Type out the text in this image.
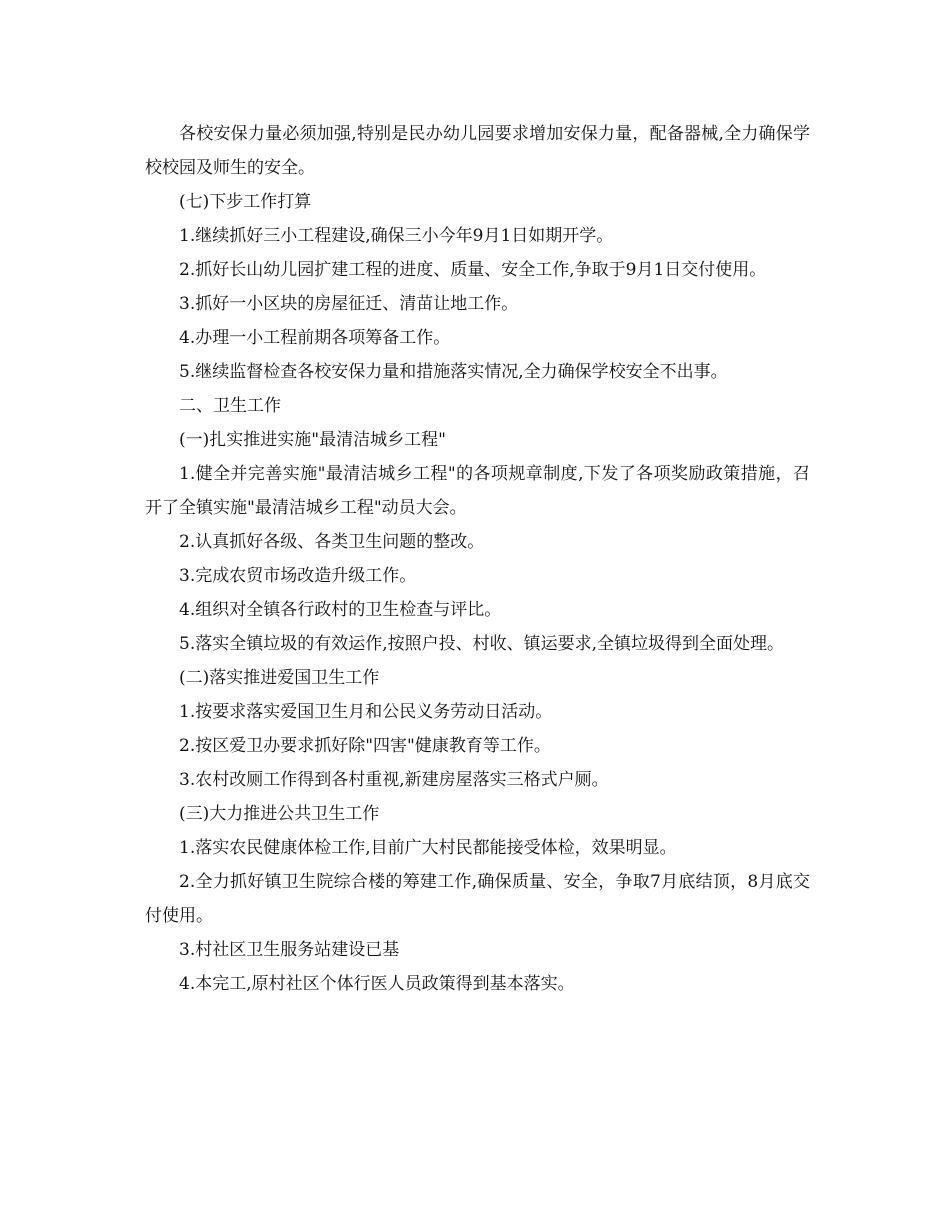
各校安保力量必须加强,特别是民办幼儿园要求增加安保力量，配备器械,全力确保学校校园及师生的安全。

(七)下步工作打算

1.继续抓好三小工程建设,确保三小今年9月1日如期开学。

2.抓好长山幼儿园扩建工程的进度、质量、安全工作,争取于9月1日交付使用。

3.抓好一小区块的房屋征迁、清苗让地工作。

4.办理一小工程前期各项筹备工作。

5.继续监督检查各校安保力量和措施落实情况,全力确保学校安全不出事。

二、卫生工作

(一)扎实推进实施"最清洁城乡工程"

1.健全并完善实施"最清洁城乡工程"的各项规章制度,下发了各项奖励政策措施，召开了全镇实施"最清洁城乡工程"动员大会。

2.认真抓好各级、各类卫生问题的整改。

3.完成农贸市场改造升级工作。

4.组织对全镇各行政村的卫生检查与评比。

5.落实全镇垃圾的有效运作,按照户投、村收、镇运要求,全镇垃圾得到全面处理。

(二)落实推进爱国卫生工作

1.按要求落实爱国卫生月和公民义务劳动日活动。

2.按区爱卫办要求抓好除"四害"健康教育等工作。

3.农村改厕工作得到各村重视,新建房屋落实三格式户厕。

(三)大力推进公共卫生工作

1.落实农民健康体检工作,目前广大村民都能接受体检，效果明显。

2.全力抓好镇卫生院综合楼的筹建工作,确保质量、安全，争取7月底结顶，8月底交付使用。

3.村社区卫生服务站建设已基

4.本完工,原村社区个体行医人员政策得到基本落实。
